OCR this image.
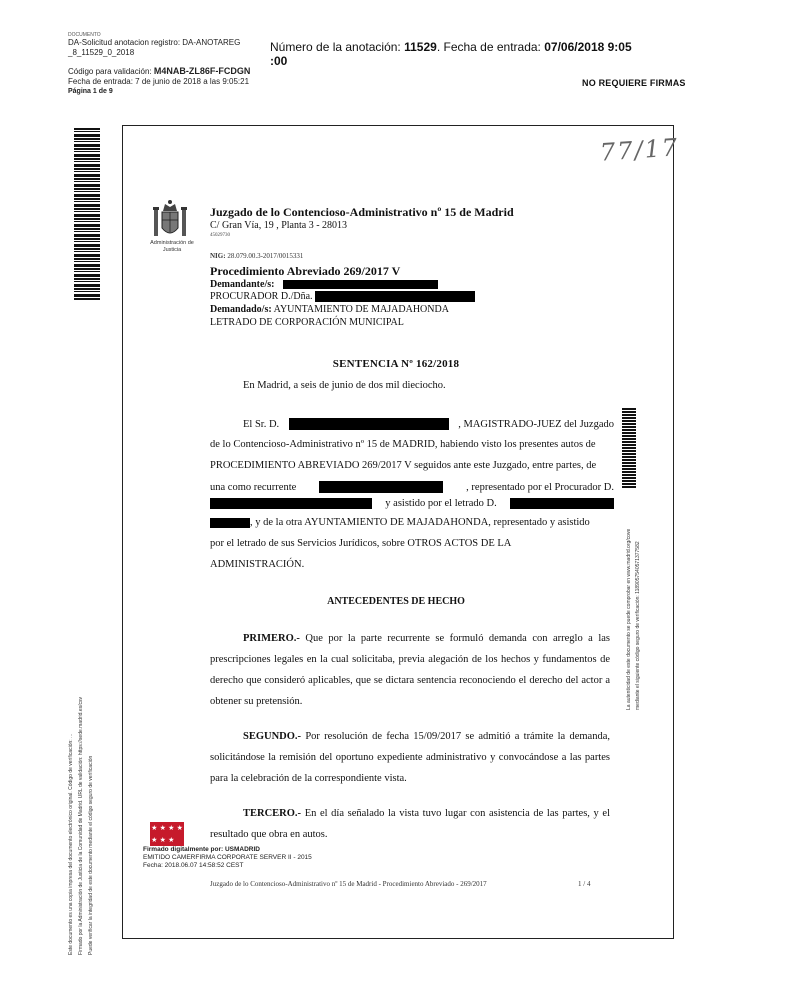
DOCUMENTO
DA-Solicitud anotacion registro: DA-ANOTAREG
_8_11529_0_2018
Código para validación: M4NAB-ZL86F-FCDGN
Fecha de entrada: 7 de junio de 2018 a las 9:05:21
Página 1 de 9
Número de la anotación: 11529. Fecha de entrada: 07/06/2018 9:05
:00
NO REQUIERE FIRMAS
Este documento es una copia impresa del documento electrónico original. Código de verificación: ... Firmado por la Administración de Justicia de la Comunidad de Madrid. URL de validación: https://sede.madrid.es/csv Puede verificar la integridad de este documento mediante el código seguro de verificación
77/17
La autenticidad de este documento se puede comprobar en www.madrid.org/cove mediante el siguiente código seguro de verificación: 1189057540571377582
Administración de Justicia
Juzgado de lo Contencioso-Administrativo nº 15 de Madrid
C/ Gran Vía, 19 , Planta 3 - 28013
45029730
NIG: 28.079.00.3-2017/0015331
Procedimiento Abreviado 269/2017 V
Demandante/s:
PROCURADOR D./Dña.
Demandado/s: AYUNTAMIENTO DE MAJADAHONDA
LETRADO DE CORPORACIÓN MUNICIPAL
SENTENCIA Nº 162/2018
En Madrid, a seis de junio de dos mil dieciocho.
El Sr. D.	, MAGISTRADO-JUEZ del Juzgado
de lo Contencioso-Administrativo nº 15 de MADRID, habiendo visto los presentes autos de
PROCEDIMIENTO ABREVIADO 269/2017 V seguidos ante este Juzgado, entre partes, de
una como recurrente	, representado por el Procurador D.
y asistido por el letrado D.
, y de la otra AYUNTAMIENTO DE MAJADAHONDA, representado y asistido
por el letrado de sus Servicios Jurídicos, sobre OTROS ACTOS DE LA
ADMINISTRACIÓN.
ANTECEDENTES DE HECHO
PRIMERO.- Que por la parte recurrente se formuló demanda con arreglo a las prescripciones legales en la cual solicitaba, previa alegación de los hechos y fundamentos de derecho que consideró aplicables, que se dictara sentencia reconociendo el derecho del actor a obtener su pretensión.
SEGUNDO.- Por resolución de fecha 15/09/2017 se admitió a trámite la demanda, solicitándose la remisión del oportuno expediente administrativo y convocándose a las partes para la celebración de la correspondiente vista.
TERCERO.- En el día señalado la vista tuvo lugar con asistencia de las partes, y el resultado que obra en autos.
★ ★ ★ ★
★ ★ ★
Firmado digitalmente por: USMADRID
EMITIDO CAMERFIRMA CORPORATE SERVER II - 2015
Fecha: 2018.06.07 14:58:52 CEST
Juzgado de lo Contencioso-Administrativo nº 15 de Madrid - Procedimiento Abreviado - 269/2017	1 / 4
